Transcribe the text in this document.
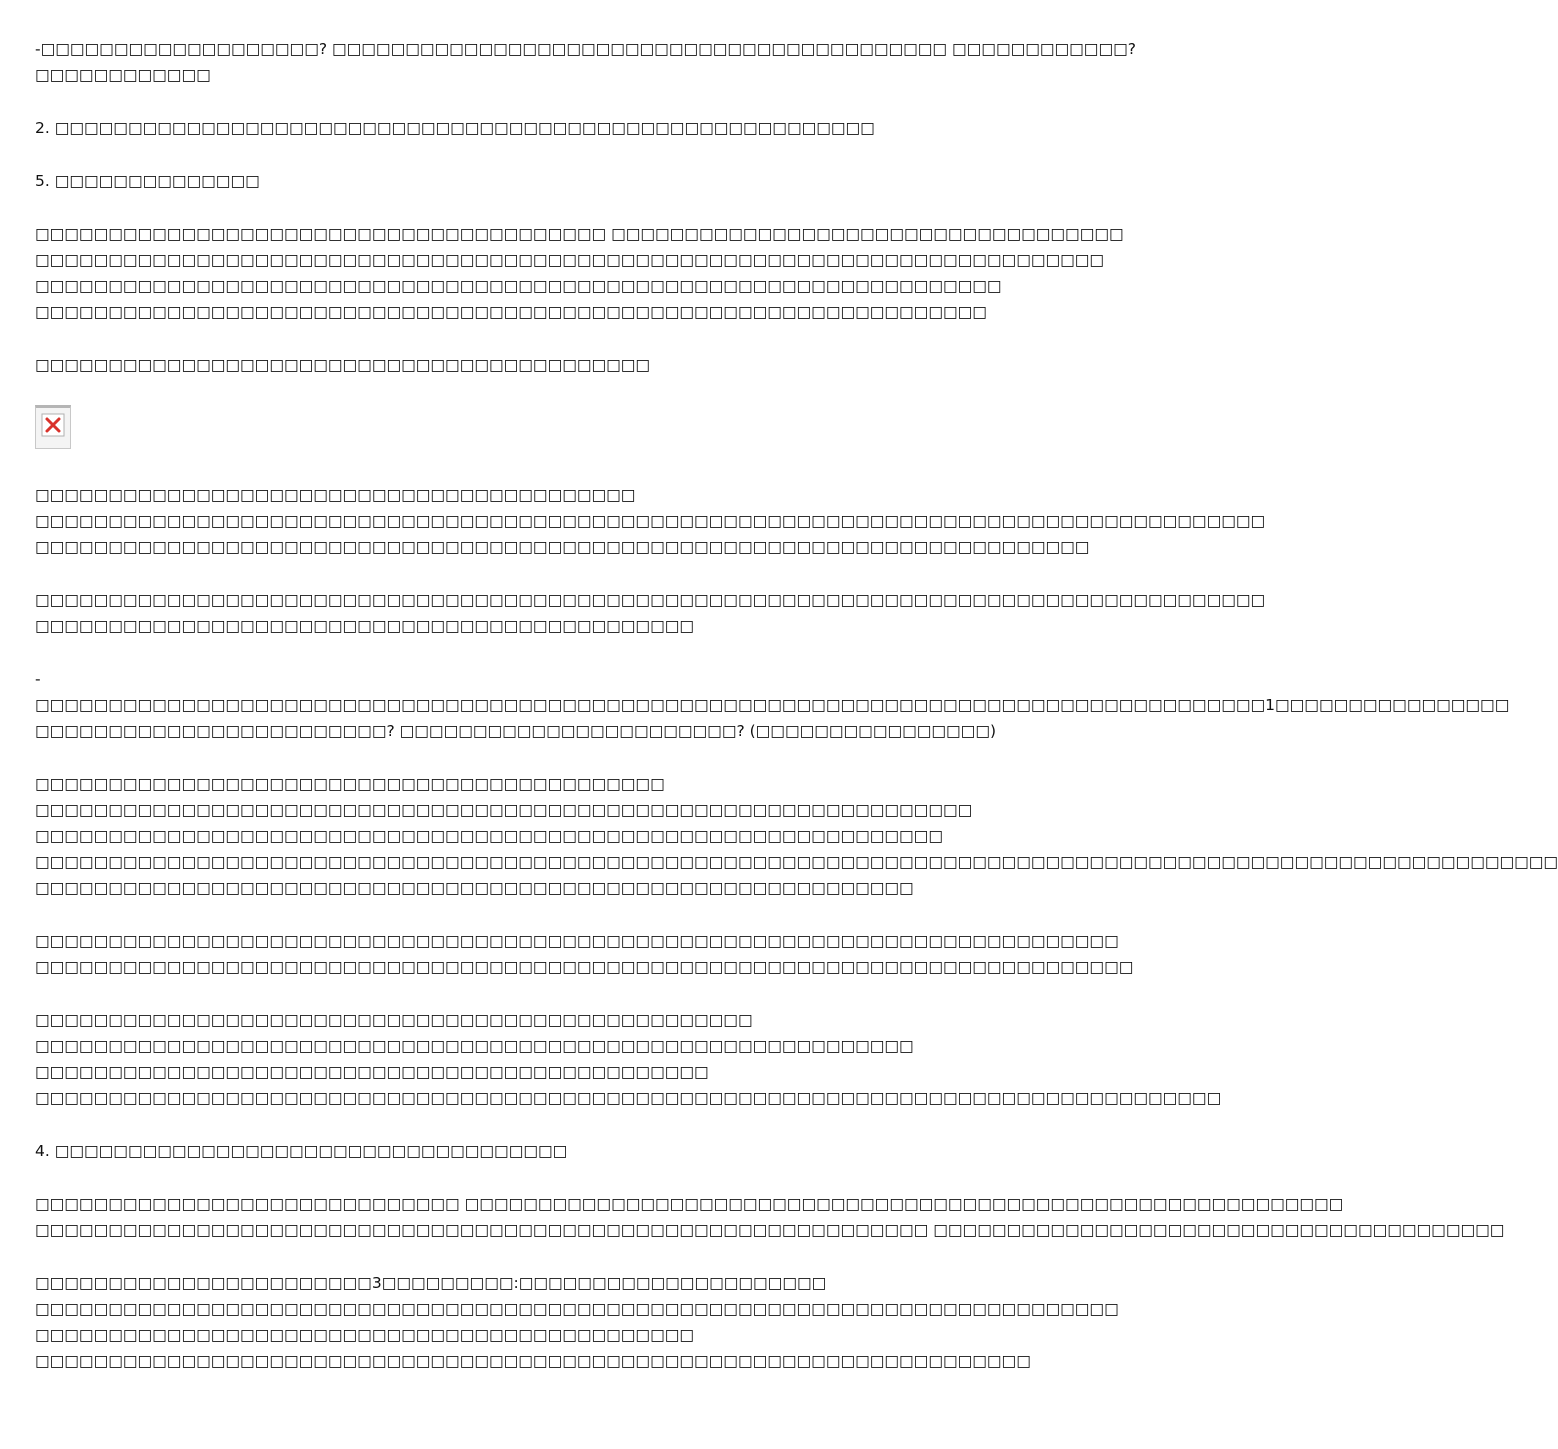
-□□□□□□□□□□□□□□□□□□□? □□□□□□□□□□□□□□□□□□□□□□□□□□□□□□□□□□□□□□□□□□ □□□□□□□□□□□□?
□□□□□□□□□□□□
2. □□□□□□□□□□□□□□□□□□□□□□□□□□□□□□□□□□□□□□□□□□□□□□□□□□□□□□□□
5. □□□□□□□□□□□□□□
□□□□□□□□□□□□□□□□□□□□□□□□□□□□□□□□□□□□□□□ □□□□□□□□□□□□□□□□□□□□□□□□□□□□□□□□□□□
□□□□□□□□□□□□□□□□□□□□□□□□□□□□□□□□□□□□□□□□□□□□□□□□□□□□□□□□□□□□□□□□□□□□□□□□□
□□□□□□□□□□□□□□□□□□□□□□□□□□□□□□□□□□□□□□□□□□□□□□□□□□□□□□□□□□□□□□□□□□
□□□□□□□□□□□□□□□□□□□□□□□□□□□□□□□□□□□□□□□□□□□□□□□□□□□□□□□□□□□□□□□□□
□□□□□□□□□□□□□□□□□□□□□□□□□□□□□□□□□□□□□□□□□□
□□□□□□□□□□□□□□□□□□□□□□□□□□□□□□□□□□□□□□□□□
□□□□□□□□□□□□□□□□□□□□□□□□□□□□□□□□□□□□□□□□□□□□□□□□□□□□□□□□□□□□□□□□□□□□□□□□□□□□□□□□□□□□
□□□□□□□□□□□□□□□□□□□□□□□□□□□□□□□□□□□□□□□□□□□□□□□□□□□□□□□□□□□□□□□□□□□□□□□□
□□□□□□□□□□□□□□□□□□□□□□□□□□□□□□□□□□□□□□□□□□□□□□□□□□□□□□□□□□□□□□□□□□□□□□□□□□□□□□□□□□□□
□□□□□□□□□□□□□□□□□□□□□□□□□□□□□□□□□□□□□□□□□□□□□
-
□□□□□□□□□□□□□□□□□□□□□□□□□□□□□□□□□□□□□□□□□□□□□□□□□□□□□□□□□□□□□□□□□□□□□□□□□□□□□□□□□□□□1□□□□□□□□□□□□□□□□
□□□□□□□□□□□□□□□□□□□□□□□□? □□□□□□□□□□□□□□□□□□□□□□□? (□□□□□□□□□□□□□□□□)
□□□□□□□□□□□□□□□□□□□□□□□□□□□□□□□□□□□□□□□□□□□
□□□□□□□□□□□□□□□□□□□□□□□□□□□□□□□□□□□□□□□□□□□□□□□□□□□□□□□□□□□□□□□□
□□□□□□□□□□□□□□□□□□□□□□□□□□□□□□□□□□□□□□□□□□□□□□□□□□□□□□□□□□□□□□
□□□□□□□□□□□□□□□□□□□□□□□□□□□□□□□□□□□□□□□□□□□□□□□□□□□□□□□□□□□□□□□□□□□□□□□□□□□□□□□□□□□□□□□□□□□□□□□□□□□□□□□□
□□□□□□□□□□□□□□□□□□□□□□□□□□□□□□□□□□□□□□□□□□□□□□□□□□□□□□□□□□□□
□□□□□□□□□□□□□□□□□□□□□□□□□□□□□□□□□□□□□□□□□□□□□□□□□□□□□□□□□□□□□□□□□□□□□□□□□□
□□□□□□□□□□□□□□□□□□□□□□□□□□□□□□□□□□□□□□□□□□□□□□□□□□□□□□□□□□□□□□□□□□□□□□□□□□□
□□□□□□□□□□□□□□□□□□□□□□□□□□□□□□□□□□□□□□□□□□□□□□□□□
□□□□□□□□□□□□□□□□□□□□□□□□□□□□□□□□□□□□□□□□□□□□□□□□□□□□□□□□□□□□
□□□□□□□□□□□□□□□□□□□□□□□□□□□□□□□□□□□□□□□□□□□□□□
□□□□□□□□□□□□□□□□□□□□□□□□□□□□□□□□□□□□□□□□□□□□□□□□□□□□□□□□□□□□□□□□□□□□□□□□□□□□□□□□□
4. □□□□□□□□□□□□□□□□□□□□□□□□□□□□□□□□□□□
□□□□□□□□□□□□□□□□□□□□□□□□□□□□□ □□□□□□□□□□□□□□□□□□□□□□□□□□□□□□□□□□□□□□□□□□□□□□□□□□□□□□□□□□□□
□□□□□□□□□□□□□□□□□□□□□□□□□□□□□□□□□□□□□□□□□□□□□□□□□□□□□□□□□□□□□ □□□□□□□□□□□□□□□□□□□□□□□□□□□□□□□□□□□□□□□
□□□□□□□□□□□□□□□□□□□□□□□3□□□□□□□□□:□□□□□□□□□□□□□□□□□□□□□
□□□□□□□□□□□□□□□□□□□□□□□□□□□□□□□□□□□□□□□□□□□□□□□□□□□□□□□□□□□□□□□□□□□□□□□□□□
□□□□□□□□□□□□□□□□□□□□□□□□□□□□□□□□□□□□□□□□□□□□□
□□□□□□□□□□□□□□□□□□□□□□□□□□□□□□□□□□□□□□□□□□□□□□□□□□□□□□□□□□□□□□□□□□□□
